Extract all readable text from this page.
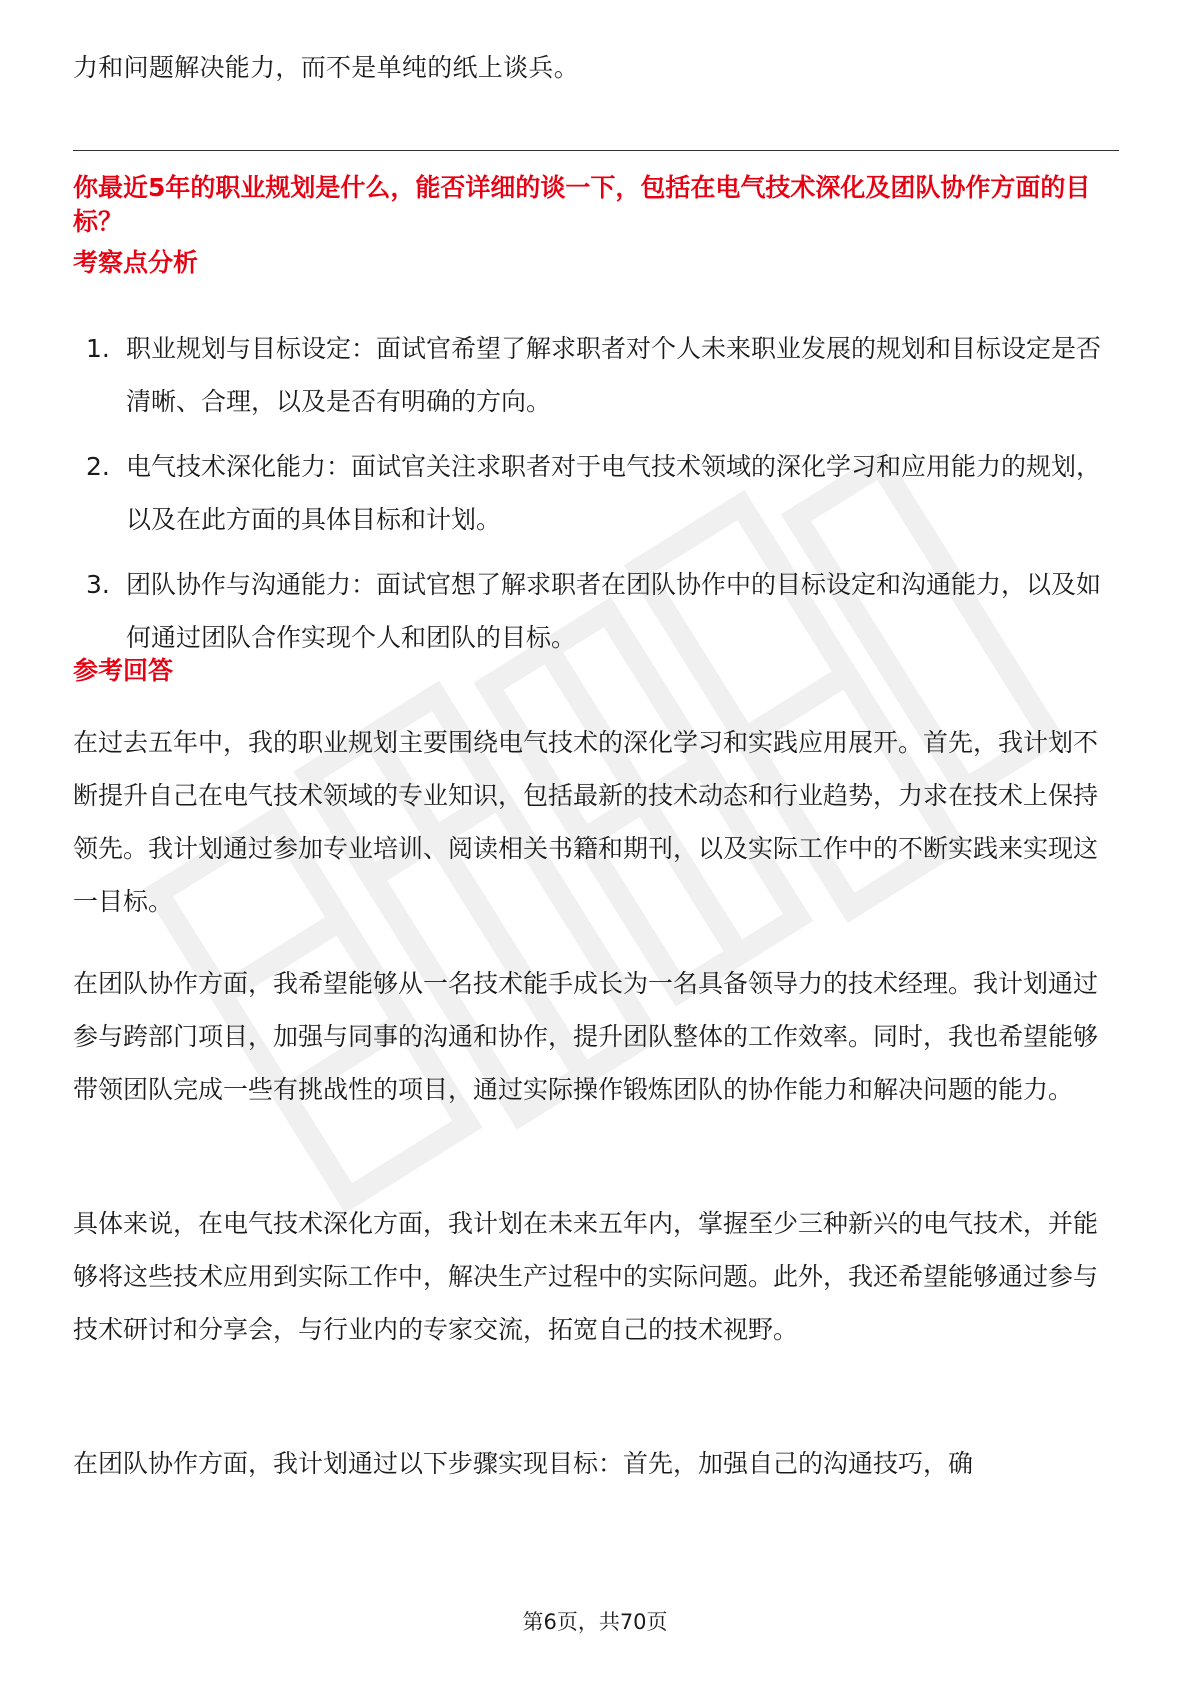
力和问题解决能力，而不是单纯的纸上谈兵。

你最近5年的职业规划是什么，能否详细的谈一下，包括在电气技术深化及团队协作方面的目标？

考察点分析

1. 职业规划与目标设定：面试官希望了解求职者对个人未来职业发展的规划和目标设定是否清晰、合理，以及是否有明确的方向。
2. 电气技术深化能力：面试官关注求职者对于电气技术领域的深化学习和应用能力的规划，以及在此方面的具体目标和计划。
3. 团队协作与沟通能力：面试官想了解求职者在团队协作中的目标设定和沟通能力，以及如何通过团队合作实现个人和团队的目标。

参考回答

在过去五年中，我的职业规划主要围绕电气技术的深化学习和实践应用展开。首先，我计划不断提升自己在电气技术领域的专业知识，包括最新的技术动态和行业趋势，力求在技术上保持领先。我计划通过参加专业培训、阅读相关书籍和期刊，以及实际工作中的不断实践来实现这一目标。

在团队协作方面，我希望能够从一名技术能手成长为一名具备领导力的技术经理。我计划通过参与跨部门项目，加强与同事的沟通和协作，提升团队整体的工作效率。同时，我也希望能够带领团队完成一些有挑战性的项目，通过实际操作锻炼团队的协作能力和解决问题的能力。

具体来说，在电气技术深化方面，我计划在未来五年内，掌握至少三种新兴的电气技术，并能够将这些技术应用到实际工作中，解决生产过程中的实际问题。此外，我还希望能够通过参与技术研讨和分享会，与行业内的专家交流，拓宽自己的技术视野。

在团队协作方面，我计划通过以下步骤实现目标：首先，加强自己的沟通技巧，确

第6页，共70页
